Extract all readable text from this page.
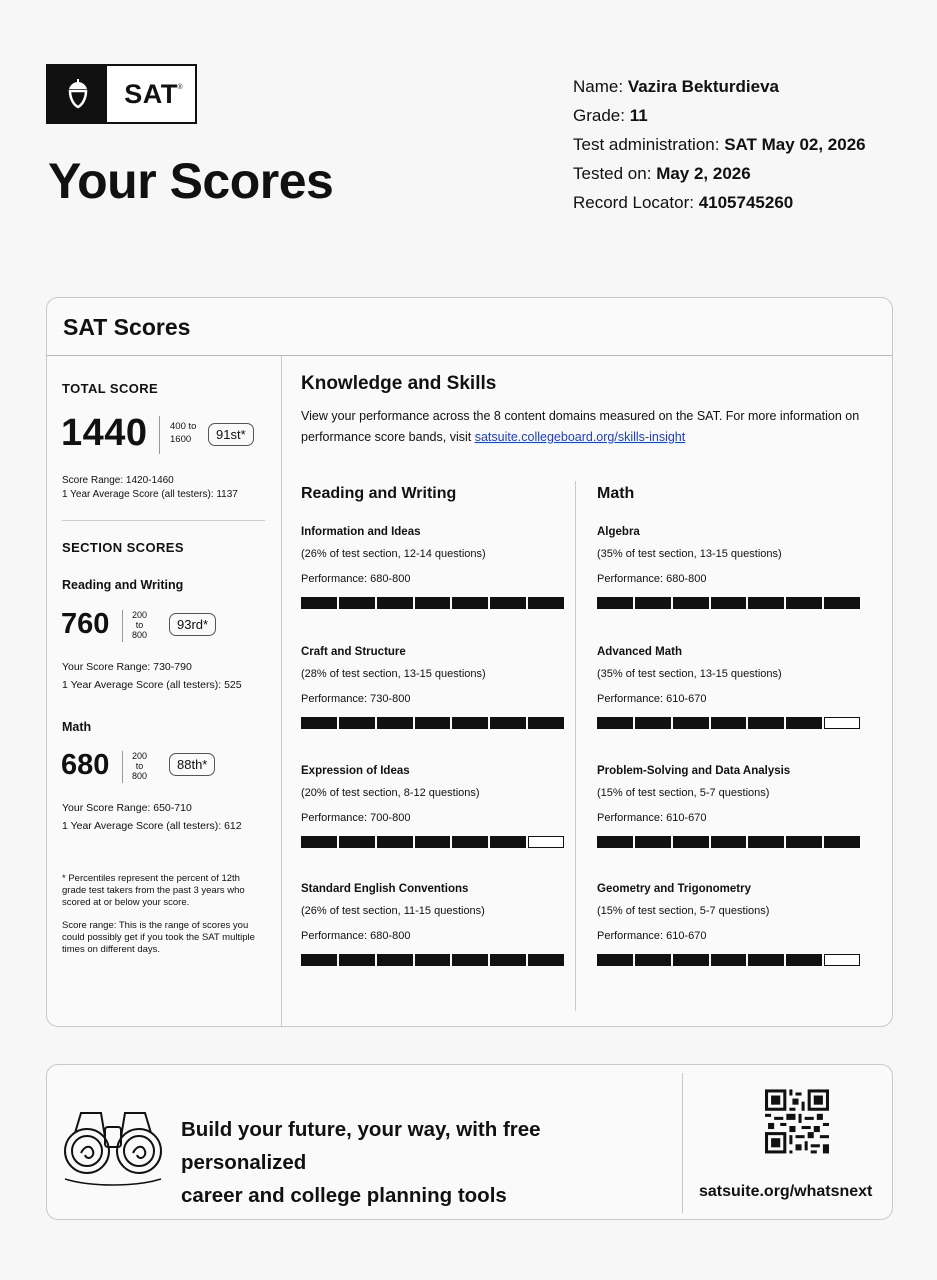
SAT®
Your Scores
Name: Vazira Bekturdieva
Grade: 11
Test administration: SAT May 02, 2026
Tested on: May 2, 2026
Record Locator: 4105745260
SAT Scores
TOTAL SCORE
1440 400 to
1600	91st*
Score Range: 1420-1460
1 Year Average Score (all testers): 1137
SECTION SCORES
Reading and Writing
760	200
to
800
93rd*
Your Score Range: 730-790
1 Year Average Score (all testers): 525
Math
680	200
to
800
88th*
Your Score Range: 650-710
1 Year Average Score (all testers): 612
* Percentiles represent the percent of 12th grade test takers from the past 3 years who scored at or below your score.
Score range: This is the range of scores you could possibly get if you took the SAT multiple times on different days.
Knowledge and Skills
View your performance across the 8 content domains measured on the SAT. For more information on performance score bands, visit satsuite.collegeboard.org/skills-insight
Reading and Writing	Math
Information and Ideas
(26% of test section, 12-14 questions)
Performance: 680-800
Craft and Structure
(28% of test section, 13-15 questions)
Performance: 730-800
Expression of Ideas
(20% of test section, 8-12 questions)
Performance: 700-800
Standard English Conventions
(26% of test section, 11-15 questions)
Performance: 680-800
Algebra
(35% of test section, 13-15 questions)
Performance: 680-800
Advanced Math
(35% of test section, 13-15 questions)
Performance: 610-670
Problem-Solving and Data Analysis
(15% of test section, 5-7 questions)
Performance: 610-670
Geometry and Trigonometry
(15% of test section, 5-7 questions)
Performance: 610-670
Build your future, your way, with free personalized
career and college planning tools	satsuite.org/whatsnext
